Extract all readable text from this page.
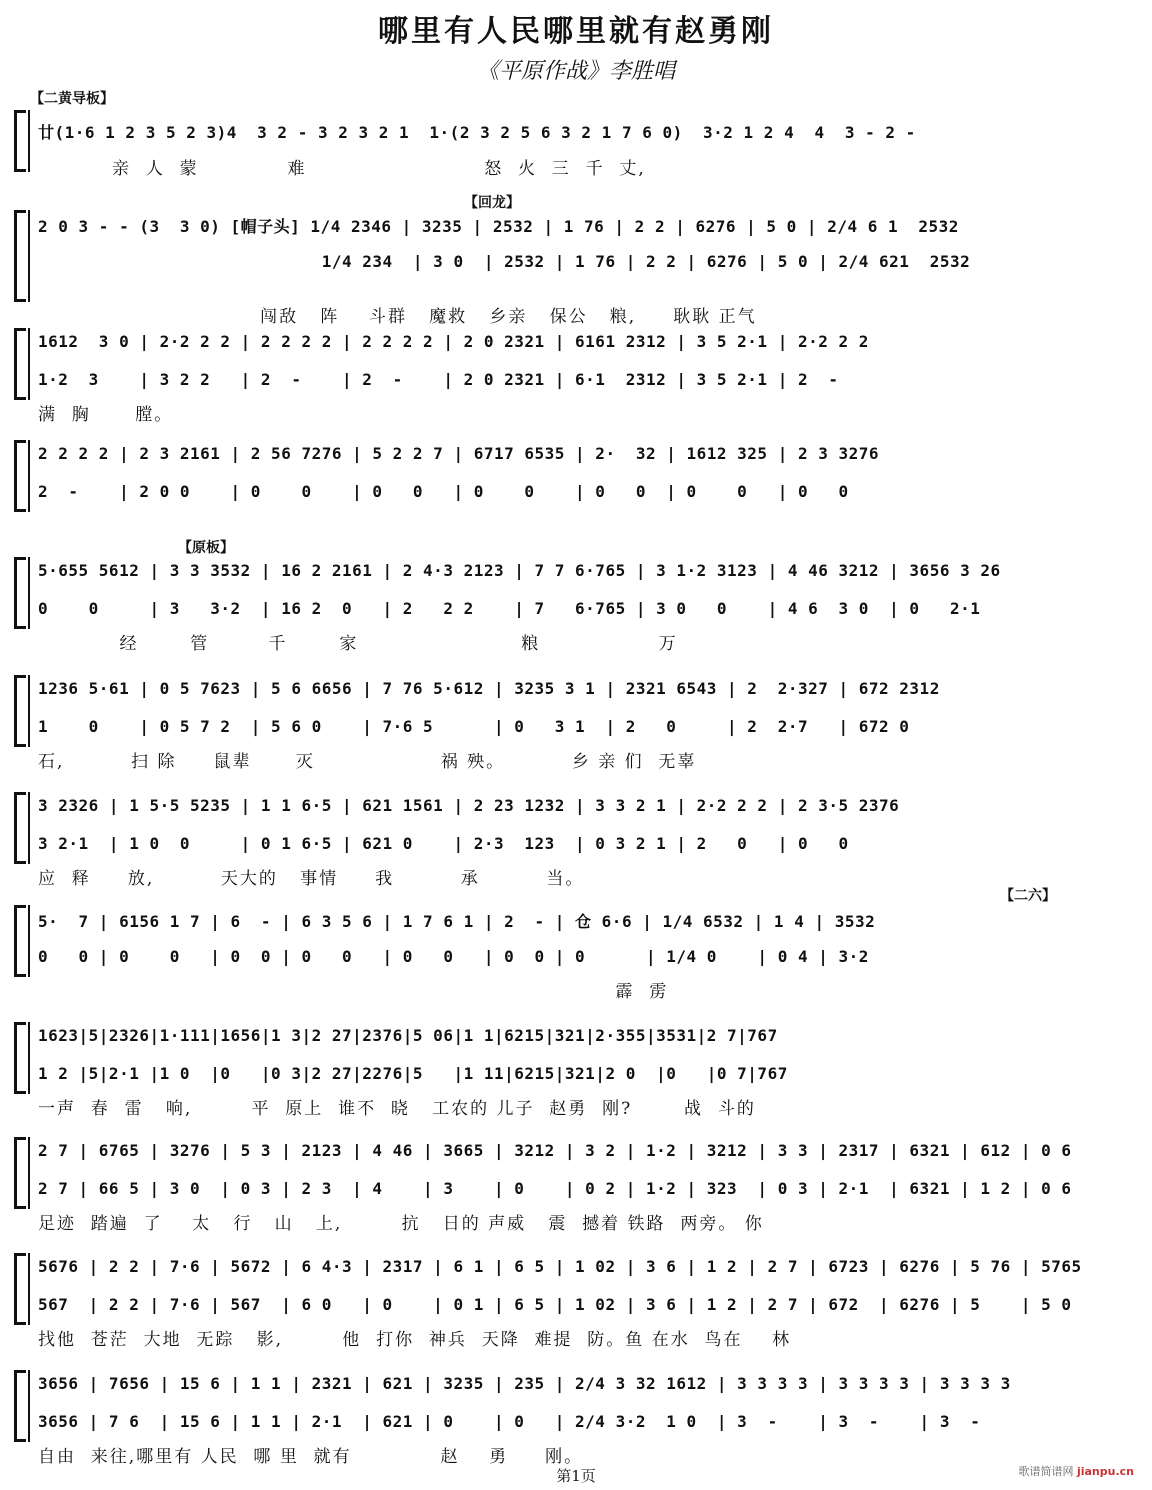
哪里有人民哪里就有赵勇刚
《平原作战》李胜唱
【二黄导板】
【回龙】
【原板】
【二六】
廿(1·6 1 2 3 5 2 3)4  3 2 - 3 2 3 2 1  1·(2 3 2 5 6 3 2 1 7 6 0)  3·2 1 2 4  4  3 - 2 -
亲  人  蒙            难                        怒  火  三  千  丈,
2 0 3 - - (3  3 0) [帽子头] 1/4 2346 | 3235 | 2532 | 1 76 | 2 2 | 6276 | 5 0 | 2/4 6 1  2532
1/4 234  | 3 0  | 2532 | 1 76 | 2 2 | 6276 | 5 0 | 2/4 621  2532
闯敌   阵    斗群   魔救   乡亲   保公   粮,     耿耿 正气
1612  3 0 | 2·2 2 2 | 2 2 2 2 | 2 2 2 2 | 2 0 2321 | 6161 2312 | 3 5 2·1 | 2·2 2 2
1·2  3    | 3 2 2   | 2  -    | 2  -    | 2 0 2321 | 6·1  2312 | 3 5 2·1 | 2  -
满  胸      膛。
2 2 2 2 | 2 3 2161 | 2 56 7276 | 5 2 2 7 | 6717 6535 | 2·  32 | 1612 325 | 2 3 3276
2  -    | 2 0 0    | 0    0    | 0   0   | 0    0    | 0   0  | 0    0   | 0   0
5·655 5612 | 3 3 3532 | 16 2 2161 | 2 4·3 2123 | 7 7 6·765 | 3 1·2 3123 | 4 46 3212 | 3656 3 26
0    0     | 3   3·2  | 16 2  0   | 2   2 2    | 7   6·765 | 3 0   0    | 4 6  3 0  | 0   2·1
经       管        千       家                      粮                万
1236 5·61 | 0 5 7623 | 5 6 6656 | 7 76 5·612 | 3235 3 1 | 2321 6543 | 2  2·327 | 672 2312
1    0    | 0 5 7 2  | 5 6 0    | 7·6 5      | 0   3 1  | 2   0     | 2  2·7   | 672 0
石,         扫 除     鼠辈      灭                 祸 殃。         乡 亲 们  无辜
3 2326 | 1 5·5 5235 | 1 1 6·5 | 621 1561 | 2 23 1232 | 3 3 2 1 | 2·2 2 2 | 2 3·5 2376
3 2·1  | 1 0  0     | 0 1 6·5 | 621 0    | 2·3  123  | 0 3 2 1 | 2   0   | 0   0
应  释     放,         天大的   事情     我         承         当。
5·  7 | 6156 1 7 | 6  - | 6 3 5 6 | 1 7 6 1 | 2  - | 仓 6·6 | 1/4 6532 | 1 4 | 3532
0   0 | 0    0   | 0  0 | 0   0   | 0   0   | 0  0 | 0      | 1/4 0    | 0 4 | 3·2
霹  雳
1623|5|2326|1·111|1656|1 3|2 27|2376|5 06|1 1|6215|321|2·355|3531|2 7|767
1 2 |5|2·1 |1 0  |0   |0 3|2 27|2276|5   |1 11|6215|321|2 0  |0   |0 7|767
一声  春  雷   响,        平  原上  谁不  晓   工农的 儿子  赵勇  刚?       战  斗的
2 7 | 6765 | 3276 | 5 3 | 2123 | 4 46 | 3665 | 3212 | 3 2 | 1·2 | 3212 | 3 3 | 2317 | 6321 | 612 | 0 6
2 7 | 66 5 | 3 0  | 0 3 | 2 3  | 4    | 3    | 0    | 0 2 | 1·2 | 323  | 0 3 | 2·1  | 6321 | 1 2 | 0 6
足迹  踏遍  了    太   行   山   上,        抗   日的 声威   震  撼着 铁路  两旁。 你
5676 | 2 2 | 7·6 | 5672 | 6 4·3 | 2317 | 6 1 | 6 5 | 1 02 | 3 6 | 1 2 | 2 7 | 6723 | 6276 | 5 76 | 5765
567  | 2 2 | 7·6 | 567  | 6 0   | 0    | 0 1 | 6 5 | 1 02 | 3 6 | 1 2 | 2 7 | 672  | 6276 | 5    | 5 0
找他  苍茫  大地  无踪   影,        他  打你  神兵  天降  难提  防。鱼 在水  鸟在    林
3656 | 7656 | 15 6 | 1 1 | 2321 | 621 | 3235 | 235 | 2/4 3 32 1612 | 3 3 3 3 | 3 3 3 3 | 3 3 3 3
3656 | 7 6  | 15 6 | 1 1 | 2·1  | 621 | 0    | 0   | 2/4 3·2  1 0  | 3  -    | 3  -    | 3  -
自由  来往,哪里有 人民  哪 里  就有            赵    勇     刚。
第1页	歌谱简谱网 jianpu.cn
